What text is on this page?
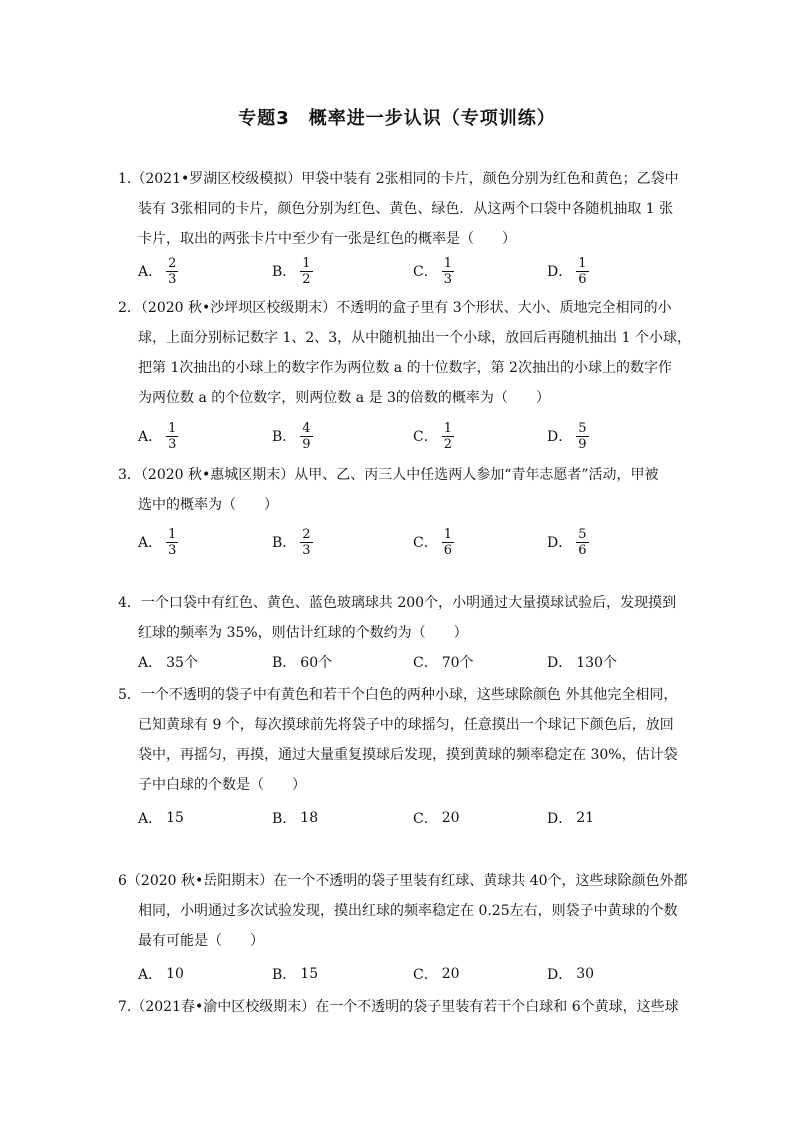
专题3　概率进一步认识（专项训练）
1.（2021•罗湖区校级模拟）甲袋中装有 2张相同的卡片，颜色分别为红色和黄色；乙袋中
装有 3张相同的卡片，颜色分别为红色、黄色、绿色．从这两个口袋中各随机抽取 1 张
卡片，取出的两张卡片中至少有一张是红色的概率是（　　）
A． $\frac{2}{3}$	B． $\frac{1}{2}$	C． $\frac{1}{3}$	D． $\frac{1}{6}$
2．（2020 秋•沙坪坝区校级期末）不透明的盒子里有 3个形状、大小、质地完全相同的小
球，上面分别标记数字 1、2、3，从中随机抽出一个小球，放回后再随机抽出 1 个小球，
把第 1次抽出的小球上的数字作为两位数 a 的十位数字，第 2次抽出的小球上的数字作
为两位数 a 的个位数字，则两位数 a 是 3的倍数的概率为（　　）
A． $\frac{1}{3}$	B． $\frac{4}{9}$	C． $\frac{1}{2}$	D． $\frac{5}{9}$
3．（2020 秋•惠城区期末）从甲、乙、丙三人中任选两人参加“青年志愿者”活动，甲被
选中的概率为（　　）
A． $\frac{1}{3}$	B． $\frac{2}{3}$	C． $\frac{1}{6}$	D． $\frac{5}{6}$
4．一个口袋中有红色、黄色、蓝色玻璃球共 200个，小明通过大量摸球试验后，发现摸到
红球的频率为 35%，则估计红球的个数约为（　　）
A． 35个	B． 60个	C． 70个	D． 130个
5．一个不透明的袋子中有黄色和若干个白色的两种小球，这些球除颜色 外其他完全相同，
已知黄球有 9 个，每次摸球前先将袋子中的球摇匀，任意摸出一个球记下颜色后，放回
袋中，再摇匀，再摸，通过大量重复摸球后发现，摸到黄球的频率稳定在 30%，估计袋
子中白球的个数是（　　）
A． 15	B． 18	C． 20	D． 21
6（2020 秋•岳阳期末）在一个不透明的袋子里装有红球、黄球共 40个，这些球除颜色外都
相同，小明通过多次试验发现，摸出红球的频率稳定在 0.25左右，则袋子中黄球的个数
最有可能是（　　）
A． 10	B． 15	C． 20	D． 30
7.（2021春•渝中区校级期末）在一个不透明的袋子里装有若干个白球和 6个黄球，这些球
